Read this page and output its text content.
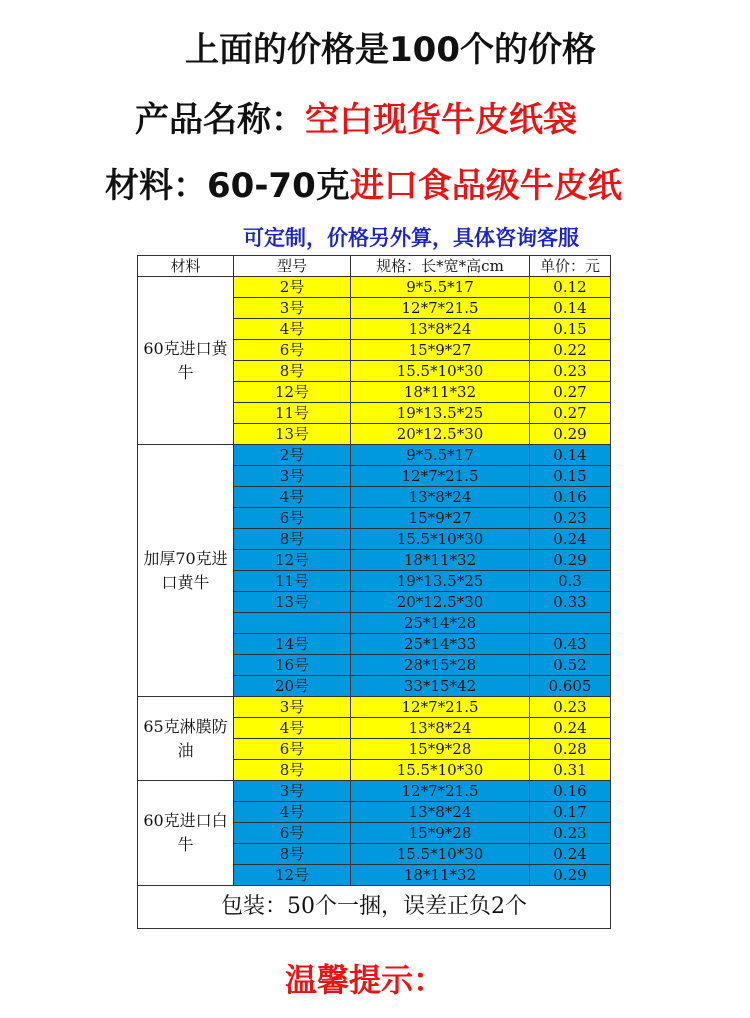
上面的价格是100个的价格
产品名称：空白现货牛皮纸袋
材料：60-70克进口食品级牛皮纸
可定制，价格另外算，具体咨询客服
材料	型号	规格：长*宽*高cm	单价：元
60克进口黄牛	2号	9*5.5*17	0.12
	3号	12*7*21.5	0.14
	4号	13*8*24	0.15
	6号	15*9*27	0.22
	8号	15.5*10*30	0.23
	12号	18*11*32	0.27
	11号	19*13.5*25	0.27
	13号	20*12.5*30	0.29
加厚70克进口黄牛	2号	9*5.5*17	0.14
	3号	12*7*21.5	0.15
	4号	13*8*24	0.16
	6号	15*9*27	0.23
	8号	15.5*10*30	0.24
	12号	18*11*32	0.29
	11号	19*13.5*25	0.3
	13号	20*12.5*30	0.33
		25*14*28	
	14号	25*14*33	0.43
	16号	28*15*28	0.52
	20号	33*15*42	0.605
65克淋膜防油	3号	12*7*21.5	0.23
	4号	13*8*24	0.24
	6号	15*9*28	0.28
	8号	15.5*10*30	0.31
60克进口白牛	3号	12*7*21.5	0.16
	4号	13*8*24	0.17
	6号	15*9*28	0.23
	8号	15.5*10*30	0.24
	12号	18*11*32	0.29
包装：50个一捆，误差正负2个			
温馨提示：
